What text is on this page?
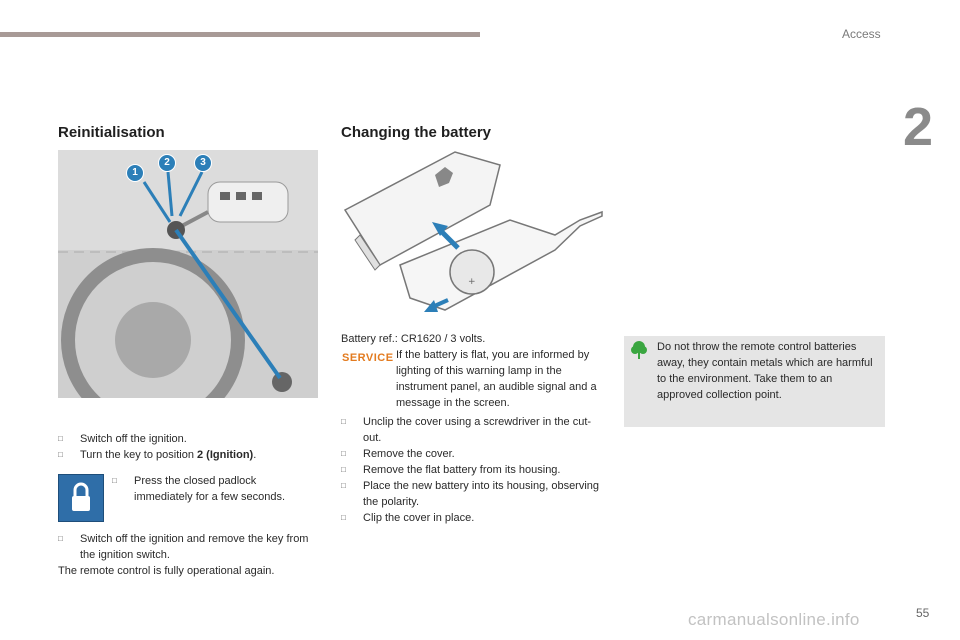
Access
2
Reinitialisation
1
2	3
□	Switch off the ignition.
□	Turn the key to position 2 (Ignition).
□	Press the closed padlock immediately for a few seconds.
□	Switch off the ignition and remove the key from the ignition switch.
The remote control is fully operational again.
Changing the battery
+
Battery ref.: CR1620 / 3 volts.
SERVICE If the battery is flat, you are informed by lighting of this warning lamp in the instrument panel, an audible signal and a message in the screen.
□	Unclip the cover using a screwdriver in the cut-out.
□	Remove the cover.
□	Remove the flat battery from its housing.
□	Place the new battery into its housing, observing the polarity.
□	Clip the cover in place.
Do not throw the remote control batteries away, they contain metals which are harmful to the environment. Take them to an approved collection point.
carmanualsonline.info	55
